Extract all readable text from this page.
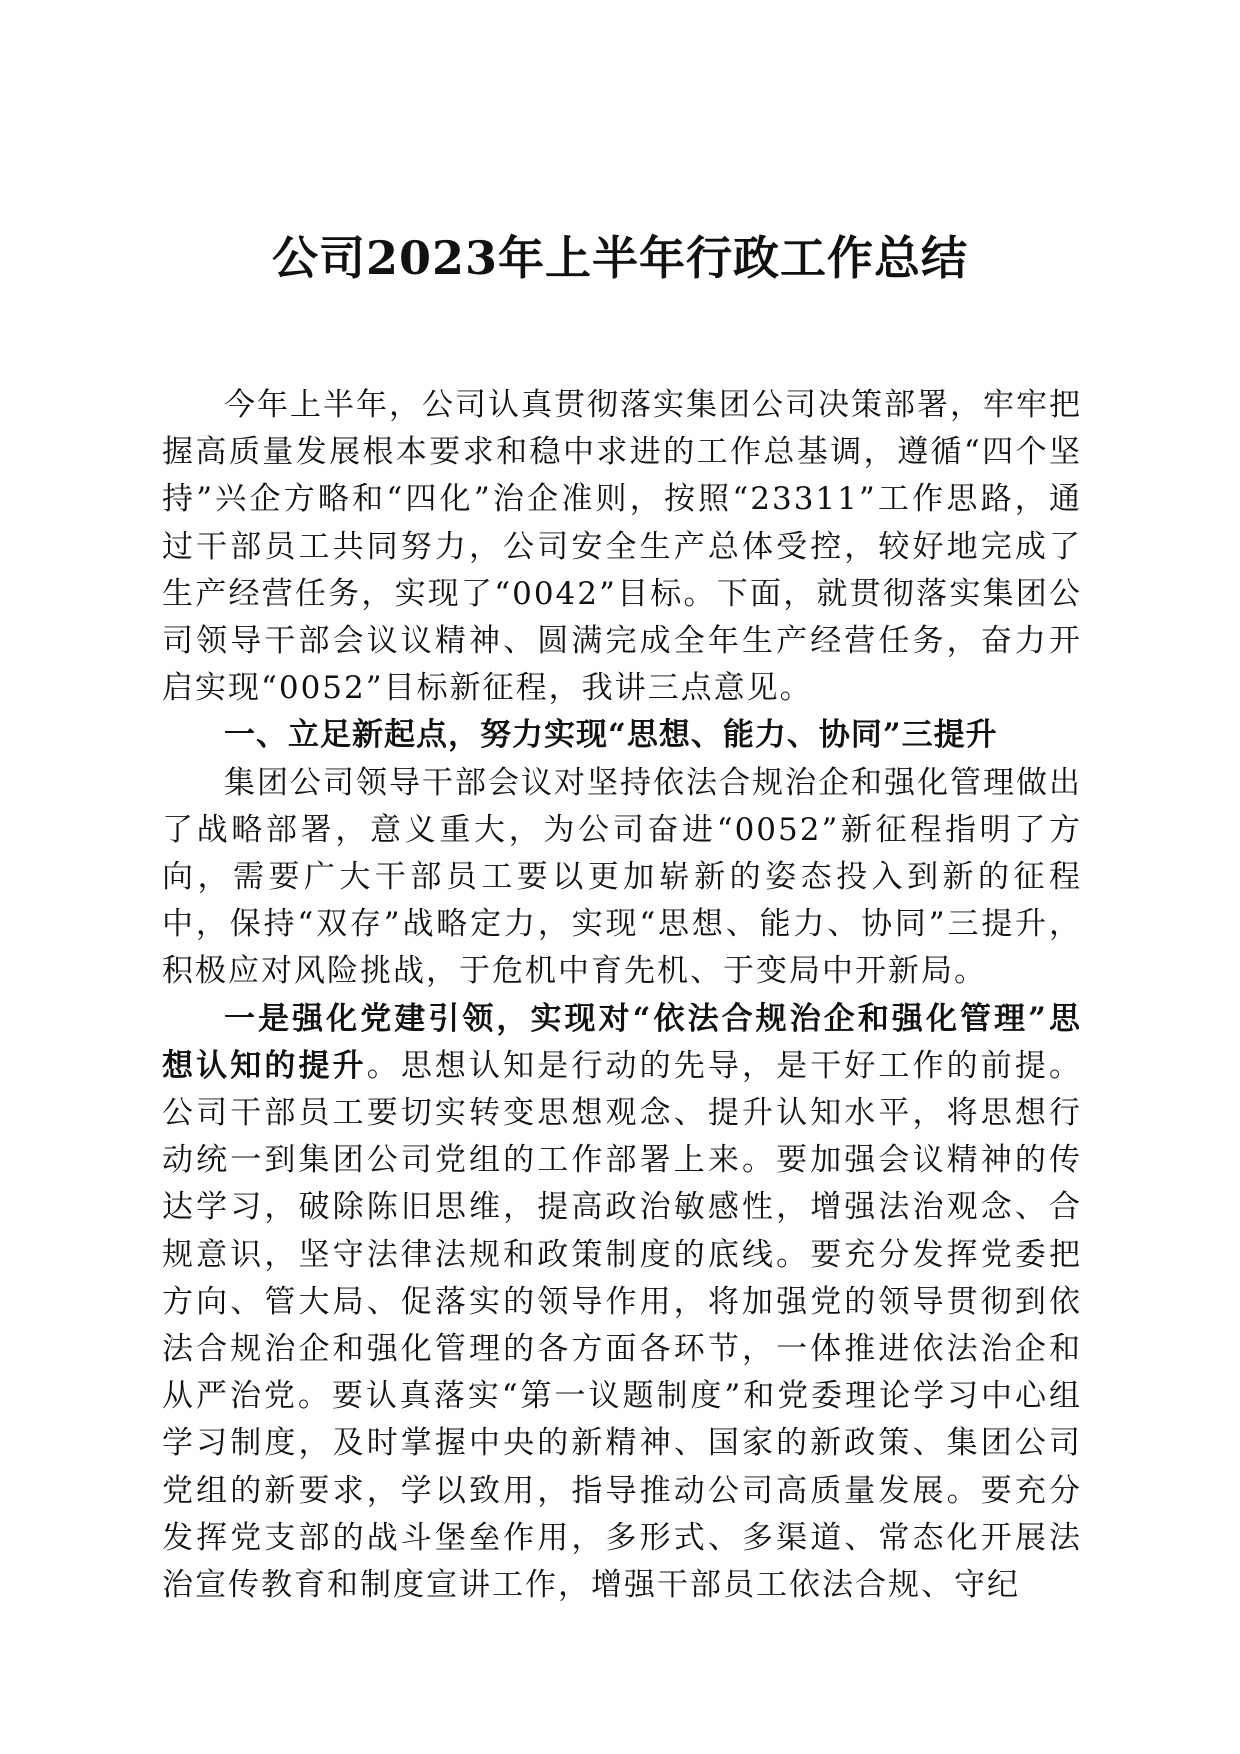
公司2023年上半年行政工作总结

今年上半年，公司认真贯彻落实集团公司决策部署，牢牢把握高质量发展根本要求和稳中求进的工作总基调，遵循“四个坚持”兴企方略和“四化”治企准则，按照“23311”工作思路，通过干部员工共同努力，公司安全生产总体受控，较好地完成了生产经营任务，实现了“0042”目标。下面，就贯彻落实集团公司领导干部会议议精神、圆满完成全年生产经营任务，奋力开启实现“0052”目标新征程，我讲三点意见。

一、立足新起点，努力实现“思想、能力、协同”三提升

集团公司领导干部会议对坚持依法合规治企和强化管理做出了战略部署，意义重大，为公司奋进“0052”新征程指明了方向，需要广大干部员工要以更加崭新的姿态投入到新的征程中，保持“双存”战略定力，实现“思想、能力、协同”三提升，积极应对风险挑战，于危机中育先机、于变局中开新局。

一是强化党建引领，实现对“依法合规治企和强化管理”思想认知的提升。思想认知是行动的先导，是干好工作的前提。公司干部员工要切实转变思想观念、提升认知水平，将思想行动统一到集团公司党组的工作部署上来。要加强会议精神的传达学习，破除陈旧思维，提高政治敏感性，增强法治观念、合规意识，坚守法律法规和政策制度的底线。要充分发挥党委把方向、管大局、促落实的领导作用，将加强党的领导贯彻到依法合规治企和强化管理的各方面各环节，一体推进依法治企和从严治党。要认真落实“第一议题制度”和党委理论学习中心组学习制度，及时掌握中央的新精神、国家的新政策、集团公司党组的新要求，学以致用，指导推动公司高质量发展。要充分发挥党支部的战斗堡垒作用，多形式、多渠道、常态化开展法治宣传教育和制度宣讲工作，增强干部员工依法合规、守纪
